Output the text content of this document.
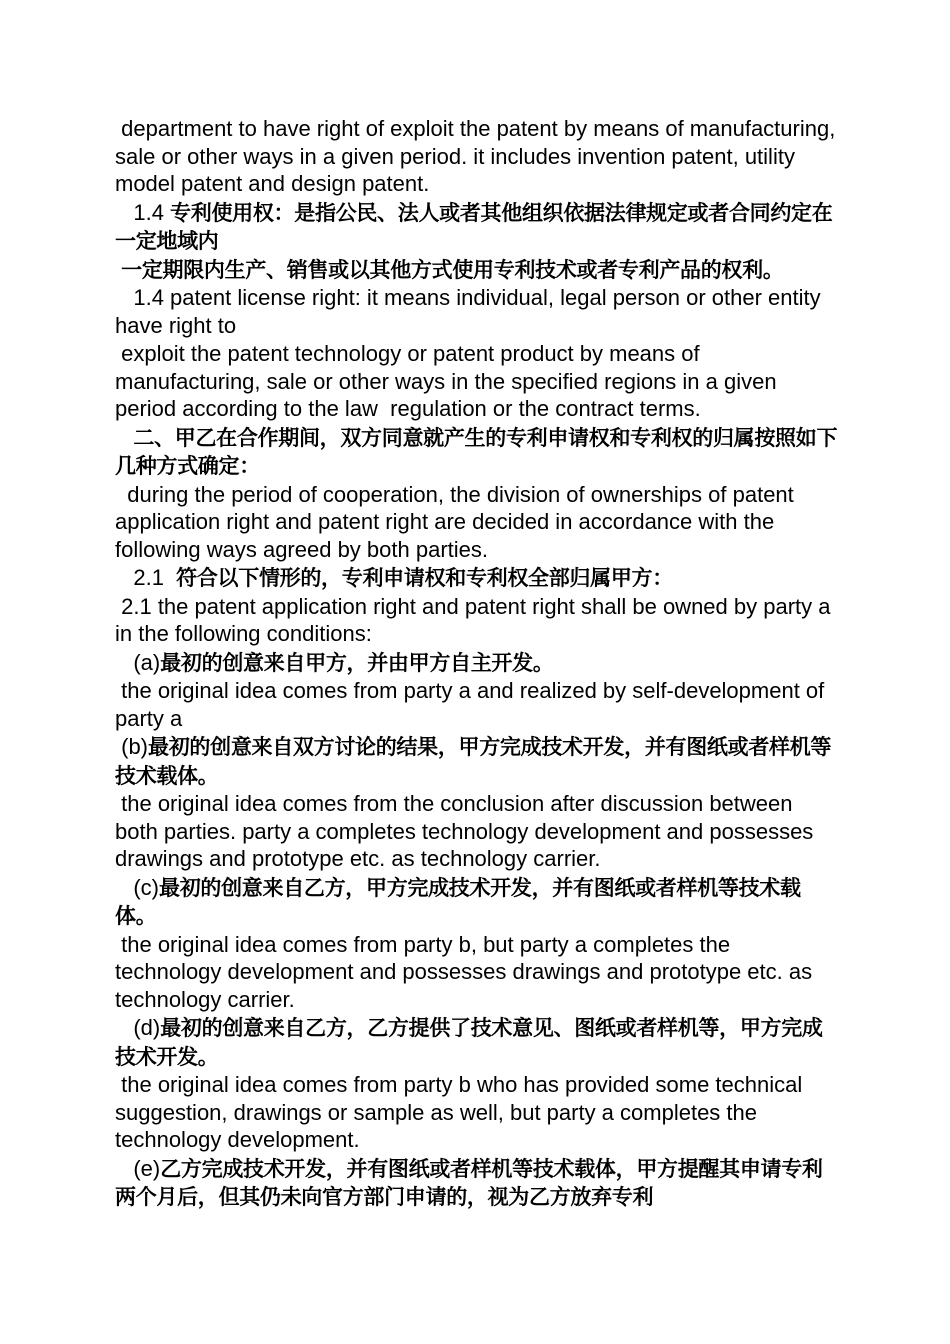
department to have right of exploit the patent by means of manufacturing, sale or other ways in a given period. it includes invention patent, utility model patent and design patent.

1.4 专利使用权：是指公民、法人或者其他组织依据法律规定或者合同约定在一定地域内

一定期限内生产、销售或以其他方式使用专利技术或者专利产品的权利。

1.4 patent license right: it means individual, legal person or other entity have right to

exploit the patent technology or patent product by means of manufacturing, sale or other ways in the specified regions in a given period according to the law  regulation or the contract terms.

二、甲乙在合作期间，双方同意就产生的专利申请权和专利权的归属按照如下几种方式确定：

during the period of cooperation, the division of ownerships of patent application right and patent right are decided in accordance with the following ways agreed by both parties.

2.1  符合以下情形的，专利申请权和专利权全部归属甲方：

2.1 the patent application right and patent right shall be owned by party a in the following conditions:

(a)最初的创意来自甲方，并由甲方自主开发。

the original idea comes from party a and realized by self-development of party a

(b)最初的创意来自双方讨论的结果，甲方完成技术开发，并有图纸或者样机等技术载体。

the original idea comes from the conclusion after discussion between both parties. party a completes technology development and possesses drawings and prototype etc. as technology carrier.

(c)最初的创意来自乙方，甲方完成技术开发，并有图纸或者样机等技术载体。

the original idea comes from party b, but party a completes the technology development and possesses drawings and prototype etc. as technology carrier.

(d)最初的创意来自乙方，乙方提供了技术意见、图纸或者样机等，甲方完成技术开发。

the original idea comes from party b who has provided some technical suggestion, drawings or sample as well, but party a completes the technology development.

(e)乙方完成技术开发，并有图纸或者样机等技术载体，甲方提醒其申请专利两个月后，但其仍未向官方部门申请的，视为乙方放弃专利
